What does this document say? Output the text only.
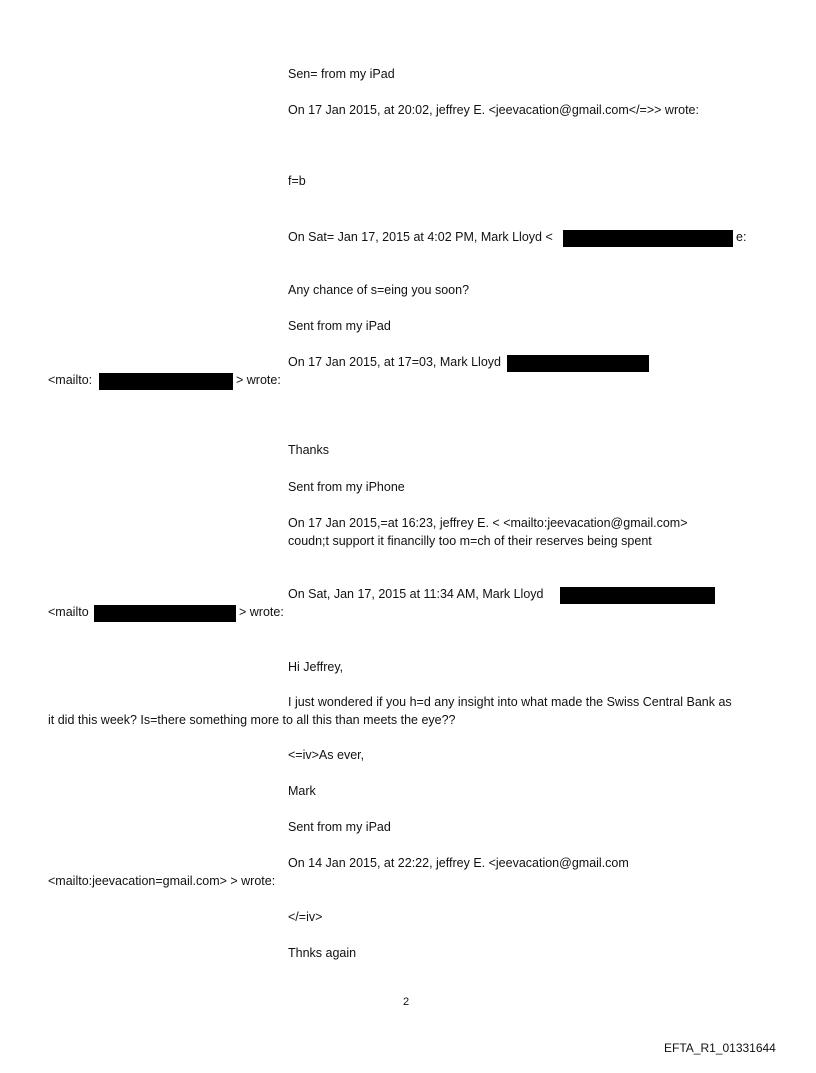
Sen= from my iPad
On 17 Jan 2015, at 20:02, jeffrey E. <jeevacation@gmail.com</=>> wrote:
f=b
On Sat= Jan 17, 2015 at 4:02 PM, Mark Lloyd <	e:
Any chance of s=eing you soon?
Sent from my iPad
On 17 Jan 2015, at 17=03, Mark Lloyd
<mailto:	> wrote:
Thanks
Sent from my iPhone
On 17 Jan 2015,=at 16:23, jeffrey E. < <mailto:jeevacation@gmail.com>
coudn;t support it financilly too m=ch of their reserves being spent
On Sat, Jan 17, 2015 at 11:34 AM, Mark Lloyd
<mailto	> wrote:
Hi Jeffrey,
I just wondered if you h=d any insight into what made the Swiss Central Bank as
it did this week? Is=there something more to all this than meets the eye??
<=iv>As ever,
Mark
Sent from my iPad
On 14 Jan 2015, at 22:22, jeffrey E. <jeevacation@gmail.com
<mailto:jeevacation=gmail.com> > wrote:
</=iv>
Thnks again
2
EFTA_R1_01331644
